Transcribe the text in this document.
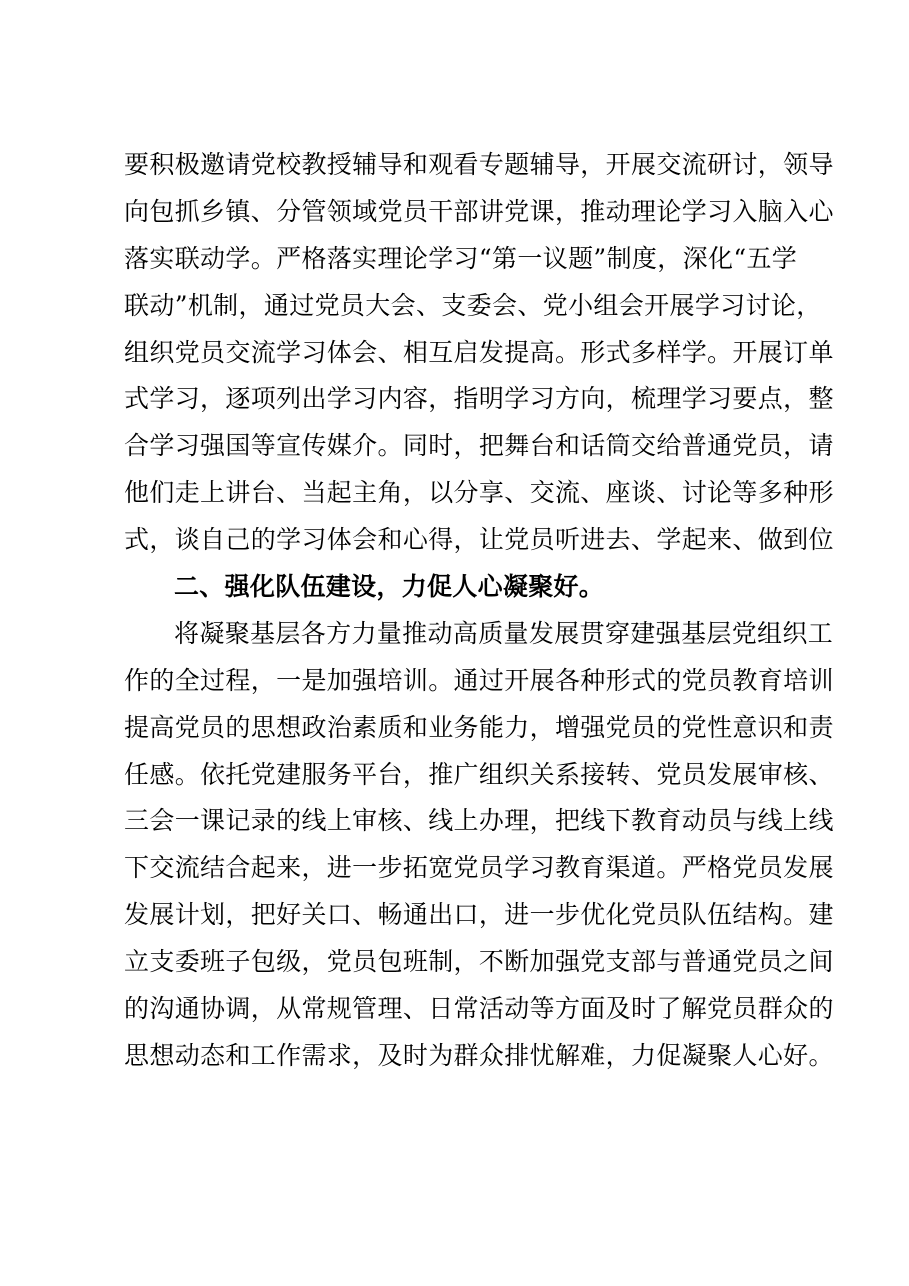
要积极邀请党校教授辅导和观看专题辅导，开展交流研讨，领导
向包抓乡镇、分管领域党员干部讲党课，推动理论学习入脑入心
落实联动学。严格落实理论学习“第一议题”制度，深化“五学
联动”机制，通过党员大会、支委会、党小组会开展学习讨论，
组织党员交流学习体会、相互启发提高。形式多样学。开展订单
式学习，逐项列出学习内容，指明学习方向，梳理学习要点，整
合学习强国等宣传媒介。同时，把舞台和话筒交给普通党员，请
他们走上讲台、当起主角，以分享、交流、座谈、讨论等多种形
式，谈自己的学习体会和心得，让党员听进去、学起来、做到位
二、强化队伍建设，力促人心凝聚好。
将凝聚基层各方力量推动高质量发展贯穿建强基层党组织工
作的全过程，一是加强培训。通过开展各种形式的党员教育培训
提高党员的思想政治素质和业务能力，增强党员的党性意识和责
任感。依托党建服务平台，推广组织关系接转、党员发展审核、
三会一课记录的线上审核、线上办理，把线下教育动员与线上线
下交流结合起来，进一步拓宽党员学习教育渠道。严格党员发展
发展计划，把好关口、畅通出口，进一步优化党员队伍结构。建
立支委班子包级，党员包班制，不断加强党支部与普通党员之间
的沟通协调，从常规管理、日常活动等方面及时了解党员群众的
思想动态和工作需求，及时为群众排忧解难，力促凝聚人心好。
